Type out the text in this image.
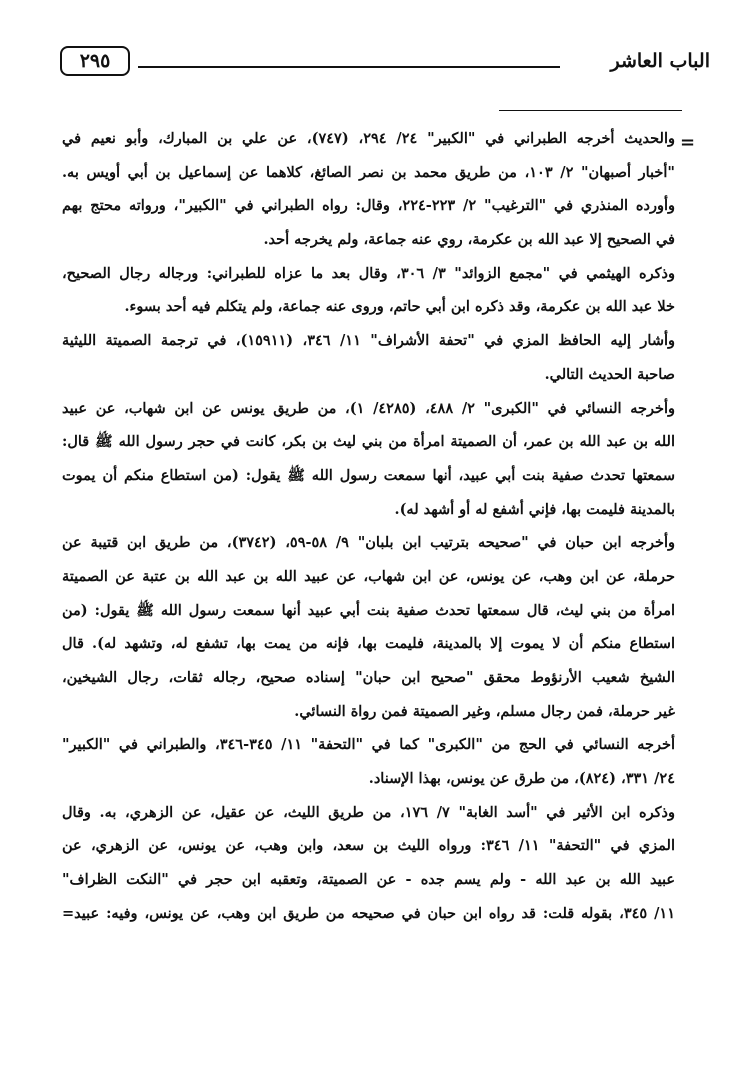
الباب العاشر
٢٩٥
=
والحديث أخرجه الطبراني في "الكبير" ٢٤/ ٢٩٤، (٧٤٧)، عن علي بن المبارك، وأبو نعيم في
"أخبار أصبهان" ٢/ ١٠٣، من طريق محمد بن نصر الصائغ، كلاهما عن إسماعيل بن أبي أويس به.
وأورده المنذري في "الترغيب" ٢/ ٢٢٣-٢٢٤، وقال: رواه الطبراني في "الكبير"، ورواته محتج بهم
في الصحيح إلا عبد الله بن عكرمة، روي عنه جماعة، ولم يخرجه أحد.
وذكره الهيثمي في "مجمع الزوائد" ٣/ ٣٠٦، وقال بعد ما عزاه للطبراني: ورجاله رجال الصحيح،
خلا عبد الله بن عكرمة، وقد ذكره ابن أبي حاتم، وروى عنه جماعة، ولم يتكلم فيه أحد بسوء.
وأشار إليه الحافظ المزي في "تحفة الأشراف" ١١/ ٣٤٦، (١٥٩١١)، في ترجمة الصميتة الليثية
صاحبة الحديث التالي.
وأخرجه النسائي في "الكبرى" ٢/ ٤٨٨، (٤٢٨٥/ ١)، من طريق يونس عن ابن شهاب، عن عبيد
الله بن عبد الله بن عمر، أن الصميتة امرأة من بني ليث بن بكر، كانت في حجر رسول الله ﷺ قال:
سمعتها تحدث صفية بنت أبي عبيد، أنها سمعت رسول الله ﷺ يقول: (من استطاع منكم أن يموت
بالمدينة فليمت بها، فإني أشفع له أو أشهد له).
وأخرجه ابن حبان في "صحيحه بترتيب ابن بلبان" ٩/ ٥٨-٥٩، (٣٧٤٢)، من طريق ابن قتيبة عن
حرملة، عن ابن وهب، عن يونس، عن ابن شهاب، عن عبيد الله بن عبد الله بن عتبة عن الصميتة
امرأة من بني ليث، قال سمعتها تحدث صفية بنت أبي عبيد أنها سمعت رسول الله ﷺ يقول: (من
استطاع منكم أن لا يموت إلا بالمدينة، فليمت بها، فإنه من يمت بها، تشفع له، وتشهد له). قال
الشيخ شعيب الأرنؤوط محقق "صحيح ابن حبان" إسناده صحيح، رجاله ثقات، رجال الشيخين،
غير حرملة، فمن رجال مسلم، وغير الصميتة فمن رواة النسائي.
أخرجه النسائي في الحج من "الكبرى" كما في "التحفة" ١١/ ٣٤٥-٣٤٦، والطبراني في "الكبير"
٢٤/ ٣٣١، (٨٢٤)، من طرق عن يونس، بهذا الإسناد.
وذكره ابن الأثير في "أسد الغابة" ٧/ ١٧٦، من طريق الليث، عن عقيل، عن الزهري، به. وقال
المزي في "التحفة" ١١/ ٣٤٦: ورواه الليث بن سعد، وابن وهب، عن يونس، عن الزهري، عن
عبيد الله بن عبد الله - ولم يسم جده - عن الصميتة، وتعقبه ابن حجر في "النكت الظراف"
١١/ ٣٤٥، بقوله قلت: قد رواه ابن حبان في صحيحه من طريق ابن وهب، عن يونس، وفيه: عبيد=
